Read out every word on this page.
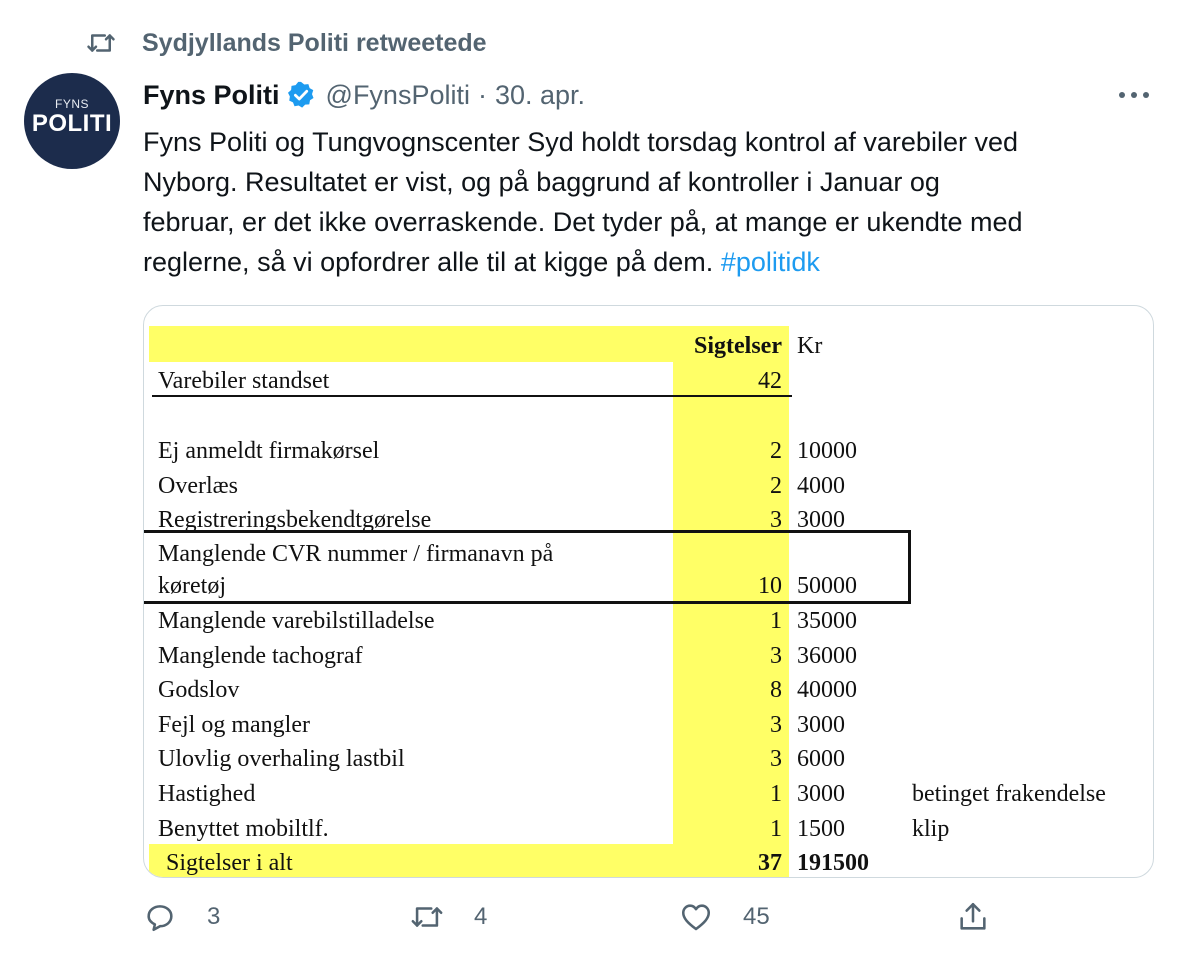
Sydjyllands Politi retweetede
FYNS
POLITI
Fyns Politi @FynsPoliti · 30. apr.
Fyns Politi og Tungvognscenter Syd holdt torsdag kontrol af varebiler ved
Nyborg. Resultatet er vist, og på baggrund af kontroller i Januar og
februar, er det ikke overraskende. Det tyder på, at mange er ukendte med
reglerne, så vi opfordrer alle til at kigge på dem. #politidk
Sigtelser Kr
Varebiler standset	42
Ej anmeldt firmakørsel	2 10000
Overlæs	2 4000
Registreringsbekendtgørelse	3 3000
Manglende CVR nummer / firmanavn på
køretøj	10 50000
Manglende varebilstilladelse	1 35000
Manglende tachograf	3 36000
Godslov	8 40000
Fejl og mangler	3 3000
Ulovlig overhaling lastbil	3 6000
Hastighed	1 3000	betinget frakendelse
Benyttet mobiltlf.	1 1500	klip
Sigtelser i alt	37 191500
3	4	45
